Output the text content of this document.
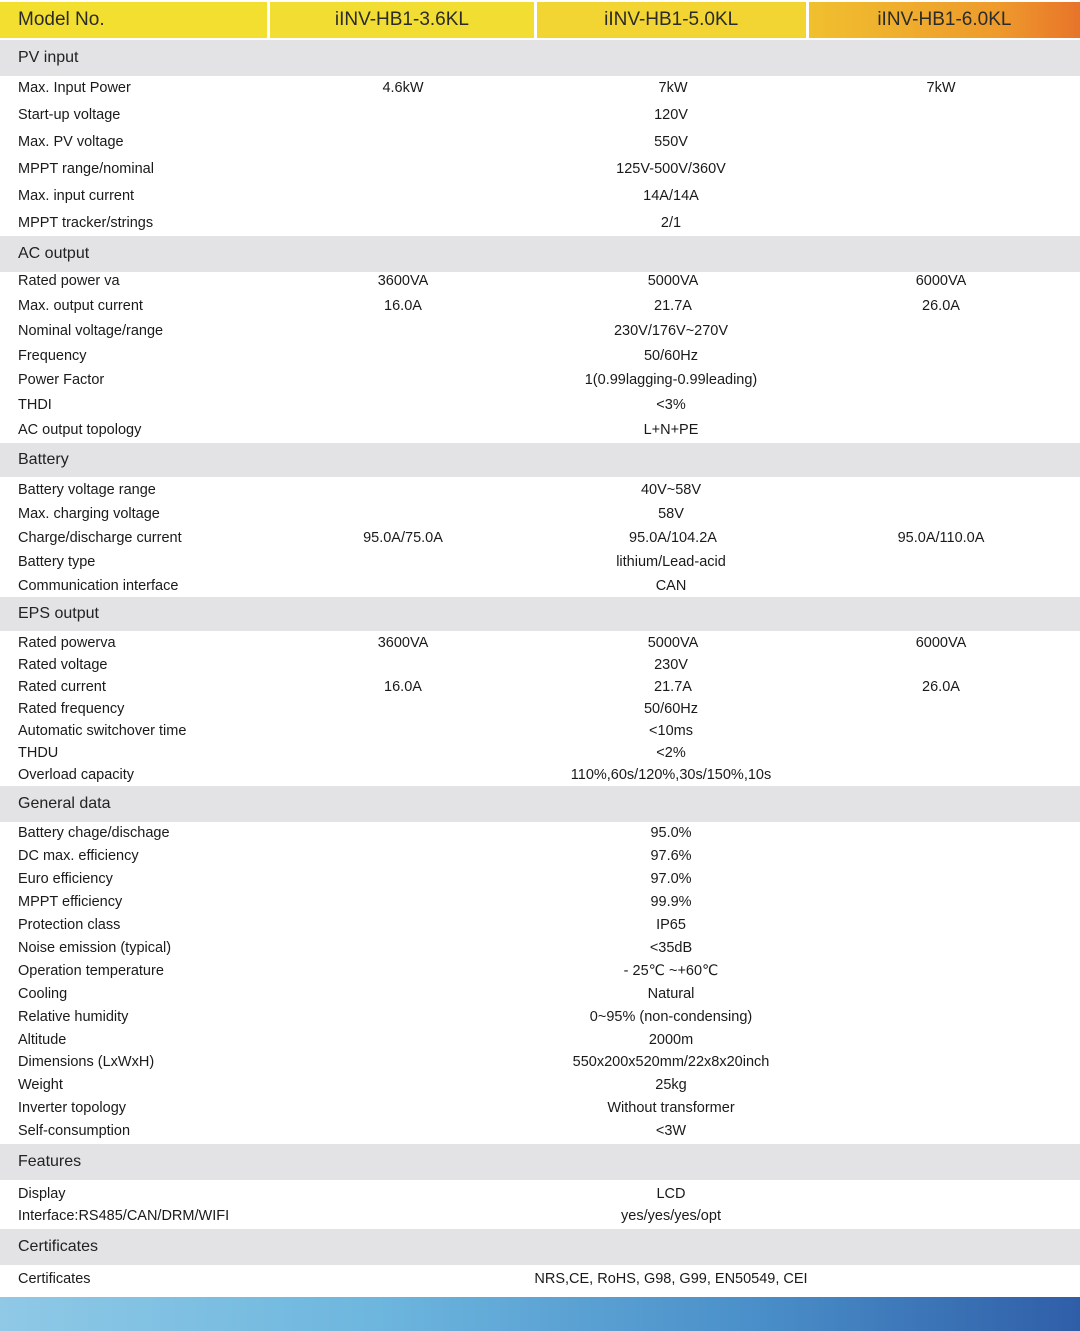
Model No.	iINV-HB1-3.6KL	iINV-HB1-5.0KL	iINV-HB1-6.0KL
PV input
Max. Input Power	4.6kW	7kW	7kW
Start-up voltage	120V
Max. PV voltage	550V
MPPT range/nominal	125V-500V/360V
Max. input current	14A/14A
MPPT tracker/strings	2/1
AC output
Rated power va	3600VA	5000VA	6000VA
Max. output current	16.0A	21.7A	26.0A
Nominal voltage/range	230V/176V~270V
Frequency	50/60Hz
Power Factor	1(0.99lagging-0.99leading)
THDI	<3%
AC output topology	L+N+PE
Battery
Battery voltage range	40V~58V
Max. charging voltage	58V
Charge/discharge current	95.0A/75.0A	95.0A/104.2A	95.0A/110.0A
Battery type	lithium/Lead-acid
Communication interface	CAN
EPS output
Rated powerva	3600VA	5000VA	6000VA
Rated voltage	230V
Rated current	16.0A	21.7A	26.0A
Rated frequency	50/60Hz
Automatic switchover time	<10ms
THDU	<2%
Overload capacity	110%,60s/120%,30s/150%,10s
General data
Battery chage/dischage	95.0%
DC max. efficiency	97.6%
Euro efficiency	97.0%
MPPT efficiency	99.9%
Protection class	IP65
Noise emission (typical)	<35dB
Operation temperature	- 25℃ ~+60℃
Cooling	Natural
Relative humidity	0~95% (non-condensing)
Altitude	2000m
Dimensions (LxWxH)	550x200x520mm/22x8x20inch
Weight	25kg
Inverter topology	Without transformer
Self-consumption	<3W
Features
Display	LCD
Interface:RS485/CAN/DRM/WIFI	yes/yes/yes/opt
Certificates
Certificates	NRS,CE, RoHS, G98, G99, EN50549, CEI
